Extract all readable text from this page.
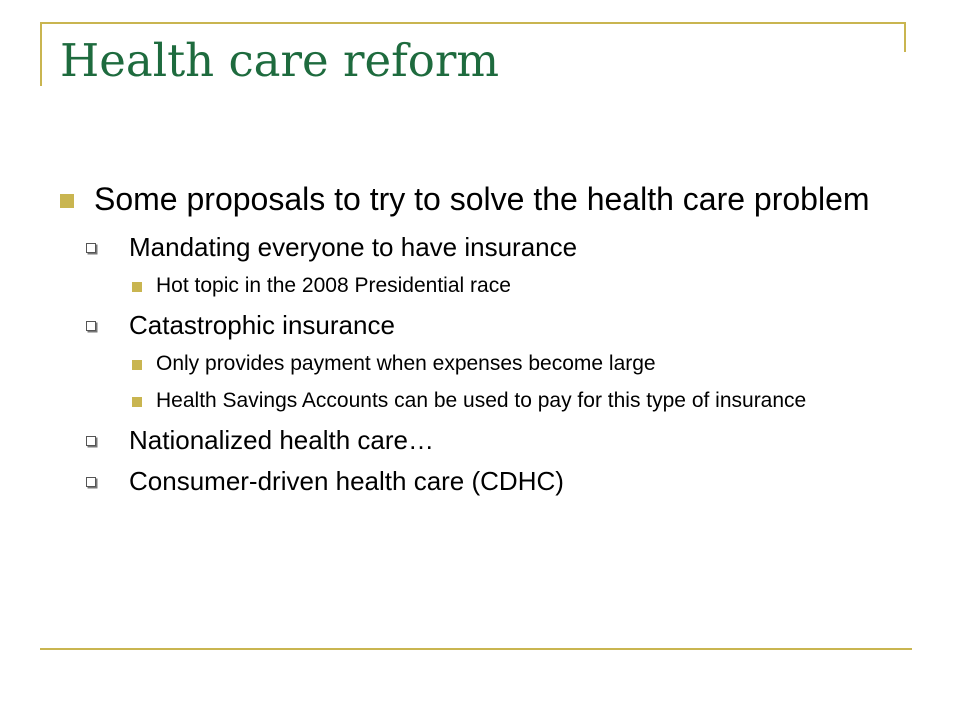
Health care reform
Some proposals to try to solve the health care problem
Mandating everyone to have insurance
Hot topic in the 2008 Presidential race
Catastrophic insurance
Only provides payment when expenses become large
Health Savings Accounts can be used to pay for this type of insurance
Nationalized health care…
Consumer-driven health care (CDHC)
